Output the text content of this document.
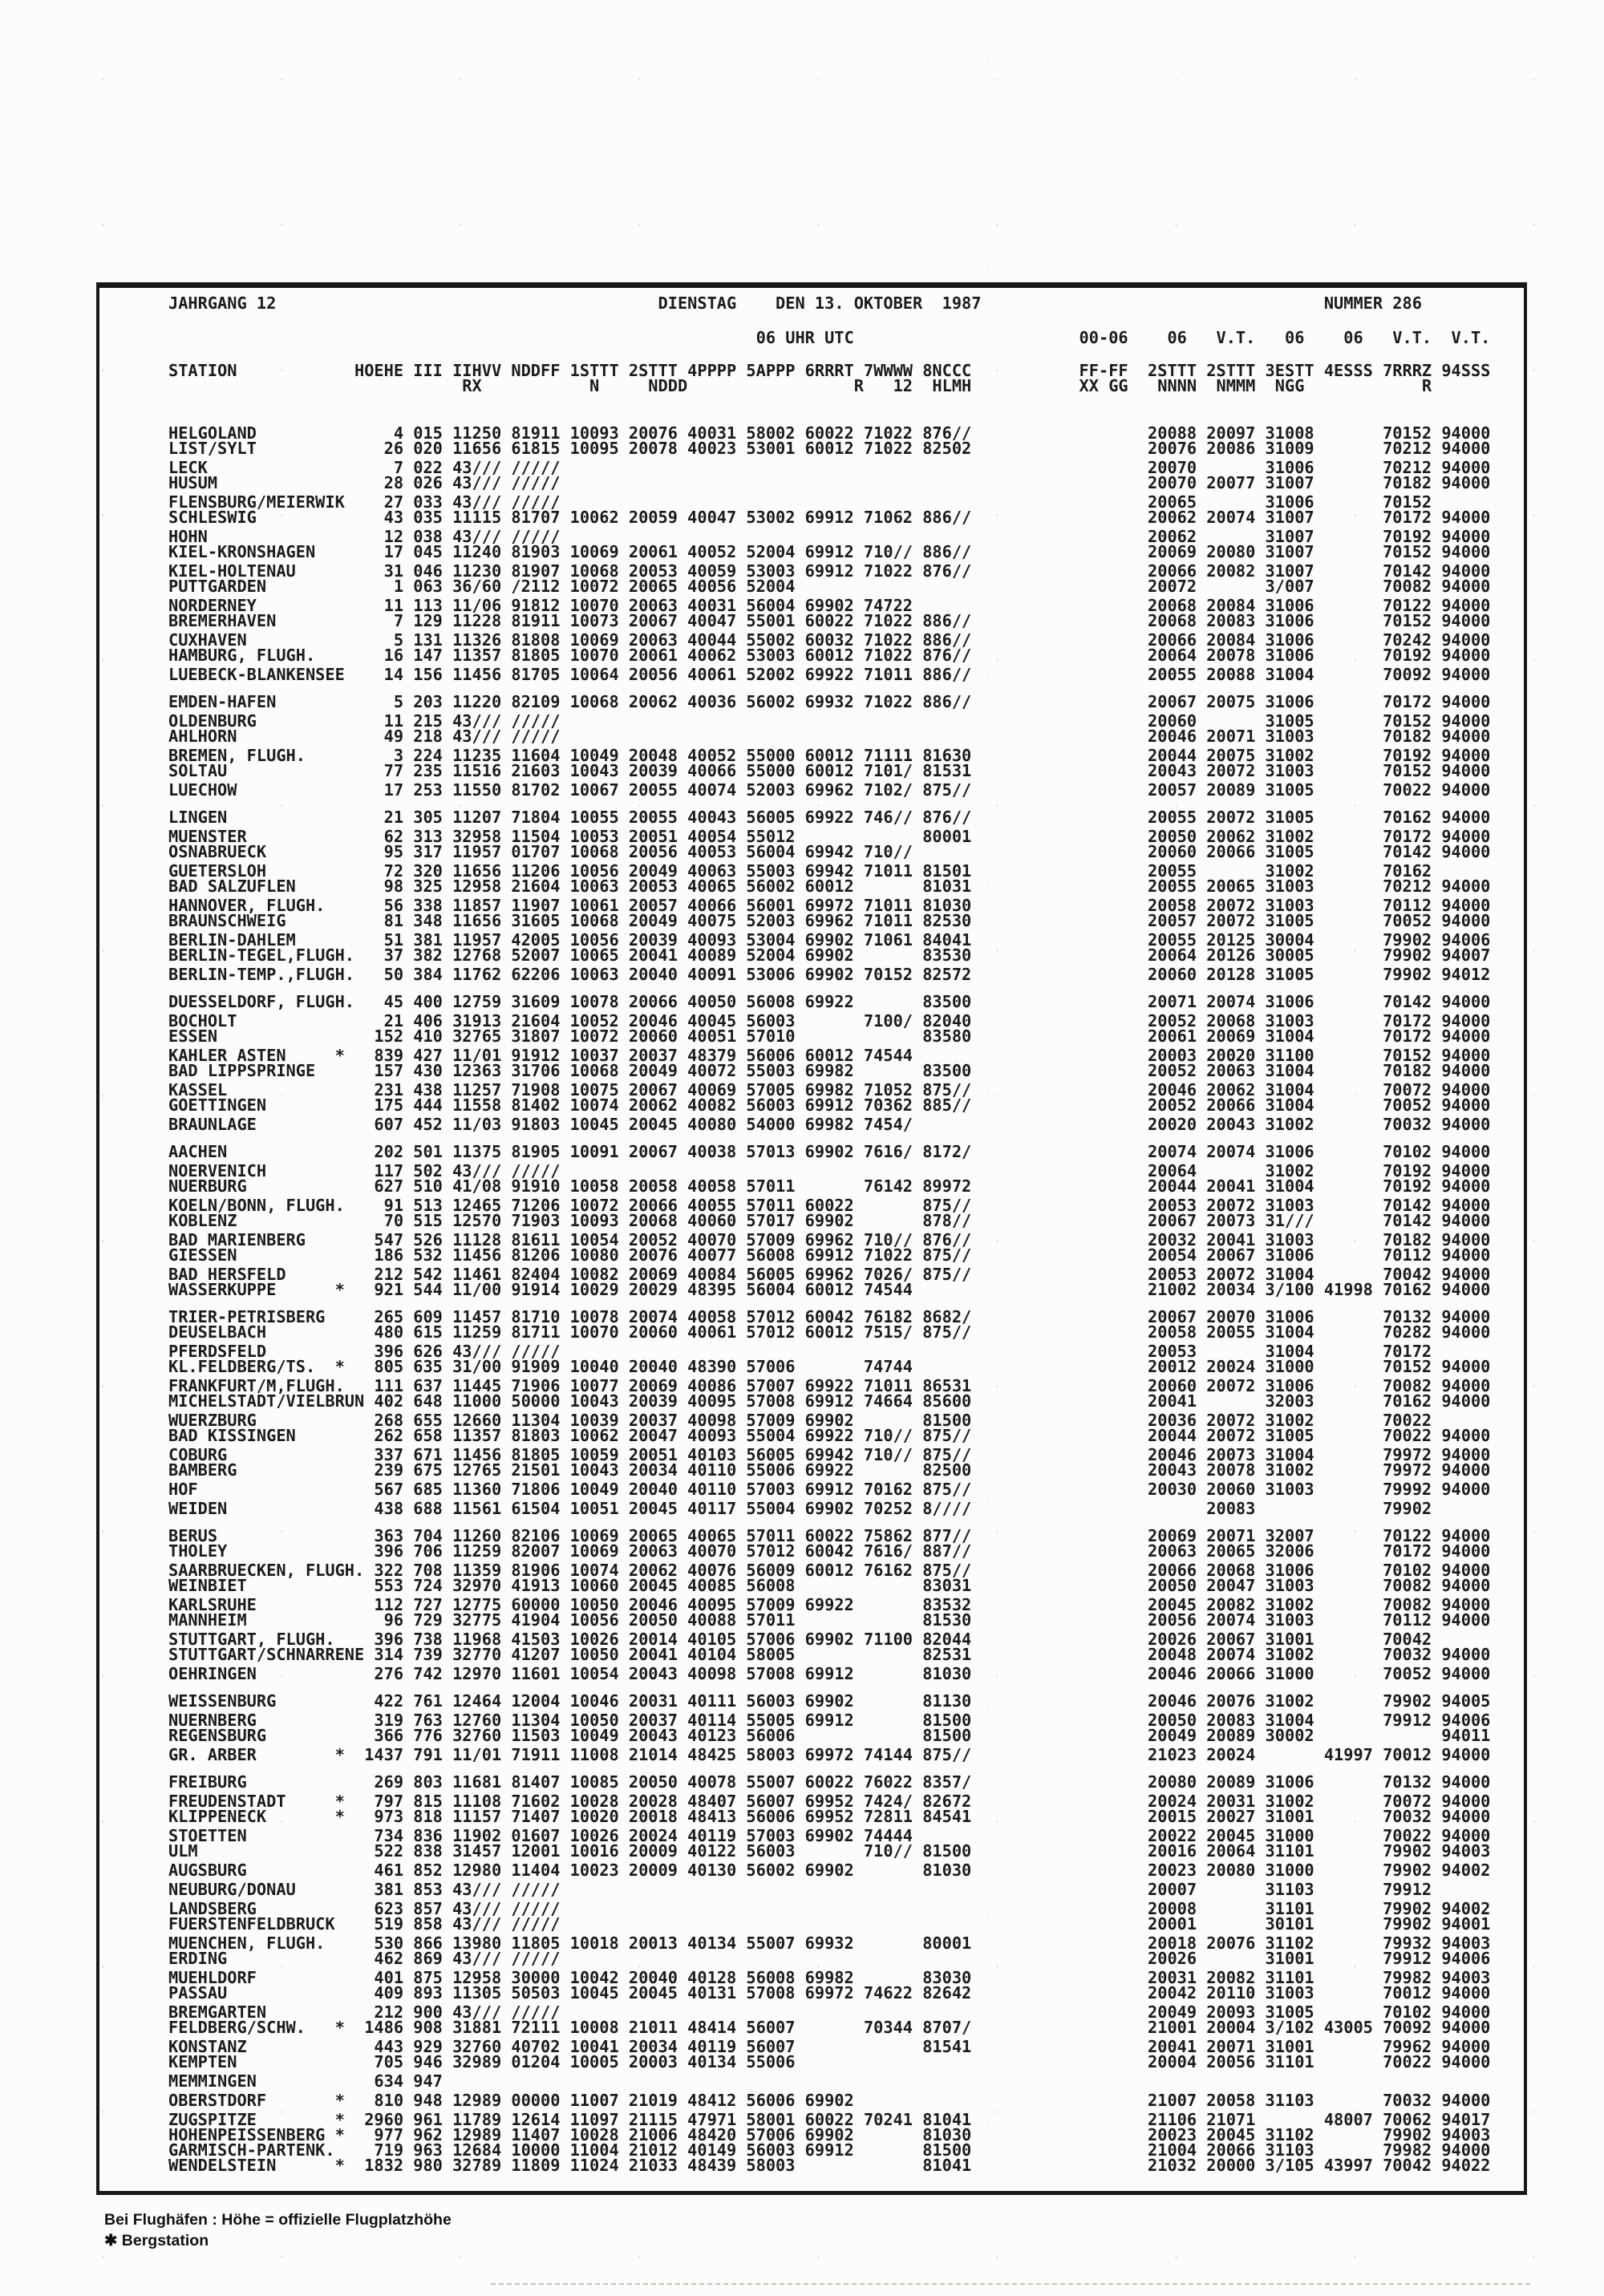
JAHRGANG 12                                       DIENSTAG    DEN 13. OKTOBER  1987                                   NUMMER 286
06 UHR UTC                       00-06    06   V.T.   06    06   V.T.  V.T.
STATION            HOEHE III IIHVV NDDFF 1STTT 2STTT 4PPPP 5APPP 6RRRT 7WWWW 8NCCC           FF-FF  2STTT 2STTT 3ESTT 4ESSS 7RRRZ 94SSS
RX           N     NDDD                 R   12  HLMH           XX GG   NNNN  NMMM  NGG            R
HELGOLAND              4 015 11250 81911 10093 20076 40031 58002 60022 71022 876//                  20088 20097 31008       70152 94000
LIST/SYLT             26 020 11656 61815 10095 20078 40023 53001 60012 71022 82502                  20076 20086 31009       70212 94000
LECK                   7 022 43/// /////                                                            20070       31006       70212 94000
HUSUM                 28 026 43/// /////                                                            20070 20077 31007       70182 94000
FLENSBURG/MEIERWIK    27 033 43/// /////                                                            20065       31006       70152
SCHLESWIG             43 035 11115 81707 10062 20059 40047 53002 69912 71062 886//                  20062 20074 31007       70172 94000
HOHN                  12 038 43/// /////                                                            20062       31007       70192 94000
KIEL-KRONSHAGEN       17 045 11240 81903 10069 20061 40052 52004 69912 710// 886//                  20069 20080 31007       70152 94000
KIEL-HOLTENAU         31 046 11230 81907 10068 20053 40059 53003 69912 71022 876//                  20066 20082 31007       70142 94000
PUTTGARDEN             1 063 36/60 /2112 10072 20065 40056 52004                                    20072       3/007       70082 94000
NORDERNEY             11 113 11/06 91812 10070 20063 40031 56004 69902 74722                        20068 20084 31006       70122 94000
BREMERHAVEN            7 129 11228 81911 10073 20067 40047 55001 60022 71022 886//                  20068 20083 31006       70152 94000
CUXHAVEN               5 131 11326 81808 10069 20063 40044 55002 60032 71022 886//                  20066 20084 31006       70242 94000
HAMBURG, FLUGH.       16 147 11357 81805 10070 20061 40062 53003 60012 71022 876//                  20064 20078 31006       70192 94000
LUEBECK-BLANKENSEE    14 156 11456 81705 10064 20056 40061 52002 69922 71011 886//                  20055 20088 31004       70092 94000
EMDEN-HAFEN            5 203 11220 82109 10068 20062 40036 56002 69932 71022 886//                  20067 20075 31006       70172 94000
OLDENBURG             11 215 43/// /////                                                            20060       31005       70152 94000
AHLHORN               49 218 43/// /////                                                            20046 20071 31003       70182 94000
BREMEN, FLUGH.         3 224 11235 11604 10049 20048 40052 55000 60012 71111 81630                  20044 20075 31002       70192 94000
SOLTAU                77 235 11516 21603 10043 20039 40066 55000 60012 7101/ 81531                  20043 20072 31003       70152 94000
LUECHOW               17 253 11550 81702 10067 20055 40074 52003 69962 7102/ 875//                  20057 20089 31005       70022 94000
LINGEN                21 305 11207 71804 10055 20055 40043 56005 69922 746// 876//                  20055 20072 31005       70162 94000
MUENSTER              62 313 32958 11504 10053 20051 40054 55012             80001                  20050 20062 31002       70172 94000
OSNABRUECK            95 317 11957 01707 10068 20056 40053 56004 69942 710//                        20060 20066 31005       70142 94000
GUETERSLOH            72 320 11656 11206 10056 20049 40063 55003 69942 71011 81501                  20055       31002       70162
BAD SALZUFLEN         98 325 12958 21604 10063 20053 40065 56002 60012       81031                  20055 20065 31003       70212 94000
HANNOVER, FLUGH.      56 338 11857 11907 10061 20057 40066 56001 69972 71011 81030                  20058 20072 31003       70112 94000
BRAUNSCHWEIG          81 348 11656 31605 10068 20049 40075 52003 69962 71011 82530                  20057 20072 31005       70052 94000
BERLIN-DAHLEM         51 381 11957 42005 10056 20039 40093 53004 69902 71061 84041                  20055 20125 30004       79902 94006
BERLIN-TEGEL,FLUGH.   37 382 12768 52007 10065 20041 40089 52004 69902       83530                  20064 20126 30005       79902 94007
BERLIN-TEMP.,FLUGH.   50 384 11762 62206 10063 20040 40091 53006 69902 70152 82572                  20060 20128 31005       79902 94012
DUESSELDORF, FLUGH.   45 400 12759 31609 10078 20066 40050 56008 69922       83500                  20071 20074 31006       70142 94000
BOCHOLT               21 406 31913 21604 10052 20046 40045 56003       7100/ 82040                  20052 20068 31003       70172 94000
ESSEN                152 410 32765 31807 10072 20060 40051 57010             83580                  20061 20069 31004       70172 94000
KAHLER ASTEN     *   839 427 11/01 91912 10037 20037 48379 56006 60012 74544                        20003 20020 31100       70152 94000
BAD LIPPSPRINGE      157 430 12363 31706 10068 20049 40072 55003 69982       83500                  20052 20063 31004       70182 94000
KASSEL               231 438 11257 71908 10075 20067 40069 57005 69982 71052 875//                  20046 20062 31004       70072 94000
GOETTINGEN           175 444 11558 81402 10074 20062 40082 56003 69912 70362 885//                  20052 20066 31004       70052 94000
BRAUNLAGE            607 452 11/03 91803 10045 20045 40080 54000 69982 7454/                        20020 20043 31002       70032 94000
AACHEN               202 501 11375 81905 10091 20067 40038 57013 69902 7616/ 8172/                  20074 20074 31006       70102 94000
NOERVENICH           117 502 43/// /////                                                            20064       31002       70192 94000
NUERBURG             627 510 41/08 91910 10058 20058 40058 57011       76142 89972                  20044 20041 31004       70192 94000
KOELN/BONN, FLUGH.    91 513 12465 71206 10072 20066 40055 57011 60022       875//                  20053 20072 31003       70142 94000
KOBLENZ               70 515 12570 71903 10093 20068 40060 57017 69902       878//                  20067 20073 31///       70142 94000
BAD MARIENBERG       547 526 11128 81611 10054 20052 40070 57009 69962 710// 876//                  20032 20041 31003       70182 94000
GIESSEN              186 532 11456 81206 10080 20076 40077 56008 69912 71022 875//                  20054 20067 31006       70112 94000
BAD HERSFELD         212 542 11461 82404 10082 20069 40084 56005 69962 7026/ 875//                  20053 20072 31004       70042 94000
WASSERKUPPE      *   921 544 11/00 91914 10029 20029 48395 56004 60012 74544                        21002 20034 3/100 41998 70162 94000
TRIER-PETRISBERG     265 609 11457 81710 10078 20074 40058 57012 60042 76182 8682/                  20067 20070 31006       70132 94000
DEUSELBACH           480 615 11259 81711 10070 20060 40061 57012 60012 7515/ 875//                  20058 20055 31004       70282 94000
PFERDSFELD           396 626 43/// /////                                                            20053       31004       70172
KL.FELDBERG/TS.  *   805 635 31/00 91909 10040 20040 48390 57006       74744                        20012 20024 31000       70152 94000
FRANKFURT/M,FLUGH.   111 637 11445 71906 10077 20069 40086 57007 69922 71011 86531                  20060 20072 31006       70082 94000
MICHELSTADT/VIELBRUN 402 648 11000 50000 10043 20039 40095 57008 69912 74664 85600                  20041       32003       70162 94000
WUERZBURG            268 655 12660 11304 10039 20037 40098 57009 69902       81500                  20036 20072 31002       70022
BAD KISSINGEN        262 658 11357 81803 10062 20047 40093 55004 69922 710// 875//                  20044 20072 31005       70022 94000
COBURG               337 671 11456 81805 10059 20051 40103 56005 69942 710// 875//                  20046 20073 31004       79972 94000
BAMBERG              239 675 12765 21501 10043 20034 40110 55006 69922       82500                  20043 20078 31002       79972 94000
HOF                  567 685 11360 71806 10049 20040 40110 57003 69912 70162 875//                  20030 20060 31003       79992 94000
WEIDEN               438 688 11561 61504 10051 20045 40117 55004 69902 70252 8////                        20083             79902
BERUS                363 704 11260 82106 10069 20065 40065 57011 60022 75862 877//                  20069 20071 32007       70122 94000
THOLEY               396 706 11259 82007 10069 20063 40070 57012 60042 7616/ 887//                  20063 20065 32006       70172 94000
SAARBRUECKEN, FLUGH. 322 708 11359 81906 10074 20062 40076 56009 60012 76162 875//                  20066 20068 31006       70102 94000
WEINBIET             553 724 32970 41913 10060 20045 40085 56008             83031                  20050 20047 31003       70082 94000
KARLSRUHE            112 727 12775 60000 10050 20046 40095 57009 69922       83532                  20045 20082 31002       70082 94000
MANNHEIM              96 729 32775 41904 10056 20050 40088 57011             81530                  20056 20074 31003       70112 94000
STUTTGART, FLUGH.    396 738 11968 41503 10026 20014 40105 57006 69902 71100 82044                  20026 20067 31001       70042
STUTTGART/SCHNARRENE 314 739 32770 41207 10050 20041 40104 58005             82531                  20048 20074 31002       70032 94000
OEHRINGEN            276 742 12970 11601 10054 20043 40098 57008 69912       81030                  20046 20066 31000       70052 94000
WEISSENBURG          422 761 12464 12004 10046 20031 40111 56003 69902       81130                  20046 20076 31002       79902 94005
NUERNBERG            319 763 12760 11304 10050 20037 40114 55005 69912       81500                  20050 20083 31004       79912 94006
REGENSBURG           366 776 32760 11503 10049 20043 40123 56006             81500                  20049 20089 30002             94011
GR. ARBER        *  1437 791 11/01 71911 11008 21014 48425 58003 69972 74144 875//                  21023 20024       41997 70012 94000
FREIBURG             269 803 11681 81407 10085 20050 40078 55007 60022 76022 8357/                  20080 20089 31006       70132 94000
FREUDENSTADT     *   797 815 11108 71602 10028 20028 48407 56007 69952 7424/ 82672                  20024 20031 31002       70072 94000
KLIPPENECK       *   973 818 11157 71407 10020 20018 48413 56006 69952 72811 84541                  20015 20027 31001       70032 94000
STOETTEN             734 836 11902 01607 10026 20024 40119 57003 69902 74444                        20022 20045 31000       70022 94000
ULM                  522 838 31457 12001 10016 20009 40122 56003       710// 81500                  20016 20064 31101       79902 94003
AUGSBURG             461 852 12980 11404 10023 20009 40130 56002 69902       81030                  20023 20080 31000       79902 94002
NEUBURG/DONAU        381 853 43/// /////                                                            20007       31103       79912
LANDSBERG            623 857 43/// /////                                                            20008       31101       79902 94002
FUERSTENFELDBRUCK    519 858 43/// /////                                                            20001       30101       79902 94001
MUENCHEN, FLUGH.     530 866 13980 11805 10018 20013 40134 55007 69932       80001                  20018 20076 31102       79932 94003
ERDING               462 869 43/// /////                                                            20026       31001       79912 94006
MUEHLDORF            401 875 12958 30000 10042 20040 40128 56008 69982       83030                  20031 20082 31101       79982 94003
PASSAU               409 893 11305 50503 10045 20045 40131 57008 69972 74622 82642                  20042 20110 31003       70012 94000
BREMGARTEN           212 900 43/// /////                                                            20049 20093 31005       70102 94000
FELDBERG/SCHW.   *  1486 908 31881 72111 10008 21011 48414 56007       70344 8707/                  21001 20004 3/102 43005 70092 94000
KONSTANZ             443 929 32760 40702 10041 20034 40119 56007             81541                  20041 20071 31001       79962 94000
KEMPTEN              705 946 32989 01204 10005 20003 40134 55006                                    20004 20056 31101       70022 94000
MEMMINGEN            634 947
OBERSTDORF       *   810 948 12989 00000 11007 21019 48412 56006 69902                              21007 20058 31103       70032 94000
ZUGSPITZE        *  2960 961 11789 12614 11097 21115 47971 58001 60022 70241 81041                  21106 21071       48007 70062 94017
HOHENPEISSENBERG *   977 962 12989 11407 10028 21006 48420 57006 69902       81030                  20023 20045 31102       79902 94003
GARMISCH-PARTENK.    719 963 12684 10000 11004 21012 40149 56003 69912       81500                  21004 20066 31103       79982 94000
WENDELSTEIN      *  1832 980 32789 11809 11024 21033 48439 58003             81041                  21032 20000 3/105 43997 70042 94022
Bei Flughäfen : Höhe = offizielle Flugplatzhöhe
✱ Bergstation
